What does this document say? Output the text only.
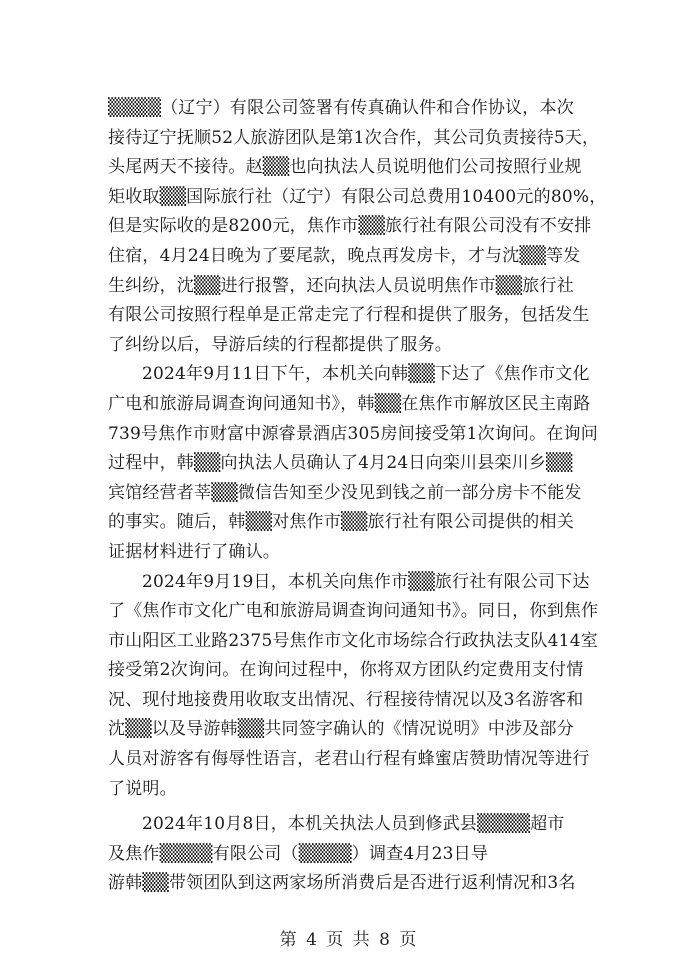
▒▒▒▒（辽宁）有限公司签署有传真确认件和合作协议，本次
接待辽宁抚顺52人旅游团队是第1次合作，其公司负责接待5天，
头尾两天不接待。赵▒▒也向执法人员说明他们公司按照行业规
矩收取▒▒国际旅行社（辽宁）有限公司总费用10400元的80%，
但是实际收的是8200元，焦作市▒▒旅行社有限公司没有不安排
住宿，4月24日晚为了要尾款，晚点再发房卡，才与沈▒▒等发
生纠纷，沈▒▒进行报警，还向执法人员说明焦作市▒▒旅行社
有限公司按照行程单是正常走完了行程和提供了服务，包括发生
了纠纷以后，导游后续的行程都提供了服务。
2024年9月11日下午，本机关向韩▒▒下达了《焦作市文化
广电和旅游局调查询问通知书》，韩▒▒在焦作市解放区民主南路
739号焦作市财富中源睿景酒店305房间接受第1次询问。在询问
过程中，韩▒▒向执法人员确认了4月24日向栾川县栾川乡▒▒
宾馆经营者莘▒▒微信告知至少没见到钱之前一部分房卡不能发
的事实。随后，韩▒▒对焦作市▒▒旅行社有限公司提供的相关
证据材料进行了确认。
2024年9月19日，本机关向焦作市▒▒旅行社有限公司下达
了《焦作市文化广电和旅游局调查询问通知书》。同日，你到焦作
市山阳区工业路2375号焦作市文化市场综合行政执法支队414室
接受第2次询问。在询问过程中，你将双方团队约定费用支付情
况、现付地接费用收取支出情况、行程接待情况以及3名游客和
沈▒▒以及导游韩▒▒共同签字确认的《情况说明》中涉及部分
人员对游客有侮辱性语言，老君山行程有蜂蜜店赞助情况等进行
了说明。
2024年10月8日，本机关执法人员到修武县▒▒▒▒超市
及焦作▒▒▒▒有限公司（▒▒▒▒）调查4月23日导
游韩▒▒带领团队到这两家场所消费后是否进行返利情况和3名
第 4 页 共 8 页
